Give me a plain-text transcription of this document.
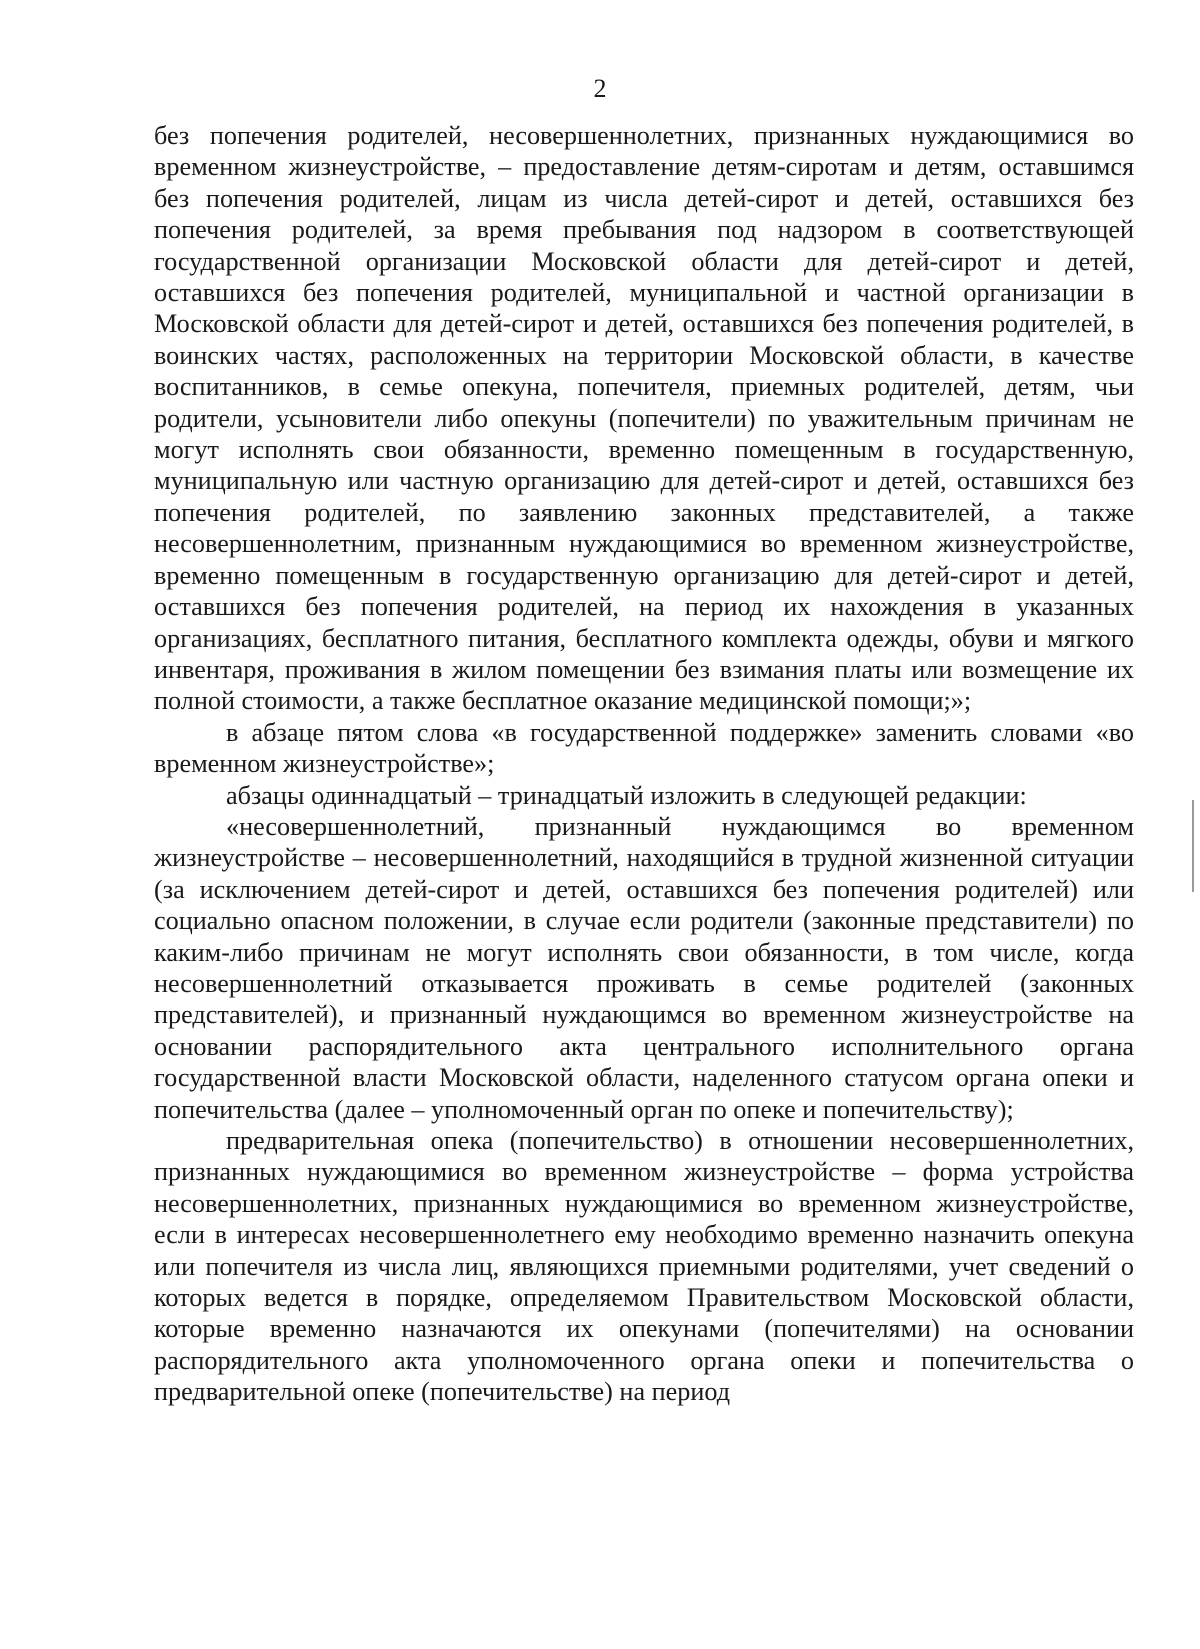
2

без попечения родителей, несовершеннолетних, признанных нуждающимися во временном жизнеустройстве, – предоставление детям-сиротам и детям, оставшимся без попечения родителей, лицам из числа детей-сирот и детей, оставшихся без попечения родителей, за время пребывания под надзором в соответствующей государственной организации Московской области для детей-сирот и детей, оставшихся без попечения родителей, муниципальной и частной организации в Московской области для детей-сирот и детей, оставшихся без попечения родителей, в воинских частях, расположенных на территории Московской области, в качестве воспитанников, в семье опекуна, попечителя, приемных родителей, детям, чьи родители, усыновители либо опекуны (попечители) по уважительным причинам не могут исполнять свои обязанности, временно помещенным в государственную, муниципальную или частную организацию для детей-сирот и детей, оставшихся без попечения родителей, по заявлению законных представителей, а также несовершеннолетним, признанным нуждающимися во временном жизнеустройстве, временно помещенным в государственную организацию для детей-сирот и детей, оставшихся без попечения родителей, на период их нахождения в указанных организациях, бесплатного питания, бесплатного комплекта одежды, обуви и мягкого инвентаря, проживания в жилом помещении без взимания платы или возмещение их полной стоимости, а также бесплатное оказание медицинской помощи;»;

в абзаце пятом слова «в государственной поддержке» заменить словами «во временном жизнеустройстве»;

абзацы одиннадцатый – тринадцатый изложить в следующей редакции:

«несовершеннолетний, признанный нуждающимся во временном жизнеустройстве – несовершеннолетний, находящийся в трудной жизненной ситуации (за исключением детей-сирот и детей, оставшихся без попечения родителей) или социально опасном положении, в случае если родители (законные представители) по каким-либо причинам не могут исполнять свои обязанности, в том числе, когда несовершеннолетний отказывается проживать в семье родителей (законных представителей), и признанный нуждающимся во временном жизнеустройстве на основании распорядительного акта центрального исполнительного органа государственной власти Московской области, наделенного статусом органа опеки и попечительства (далее – уполномоченный орган по опеке и попечительству);

предварительная опека (попечительство) в отношении несовершеннолетних, признанных нуждающимися во временном жизнеустройстве – форма устройства несовершеннолетних, признанных нуждающимися во временном жизнеустройстве, если в интересах несовершеннолетнего ему необходимо временно назначить опекуна или попечителя из числа лиц, являющихся приемными родителями, учет сведений о которых ведется в порядке, определяемом Правительством Московской области, которые временно назначаются их опекунами (попечителями) на основании распорядительного акта уполномоченного органа опеки и попечительства о предварительной опеке (попечительстве) на период
